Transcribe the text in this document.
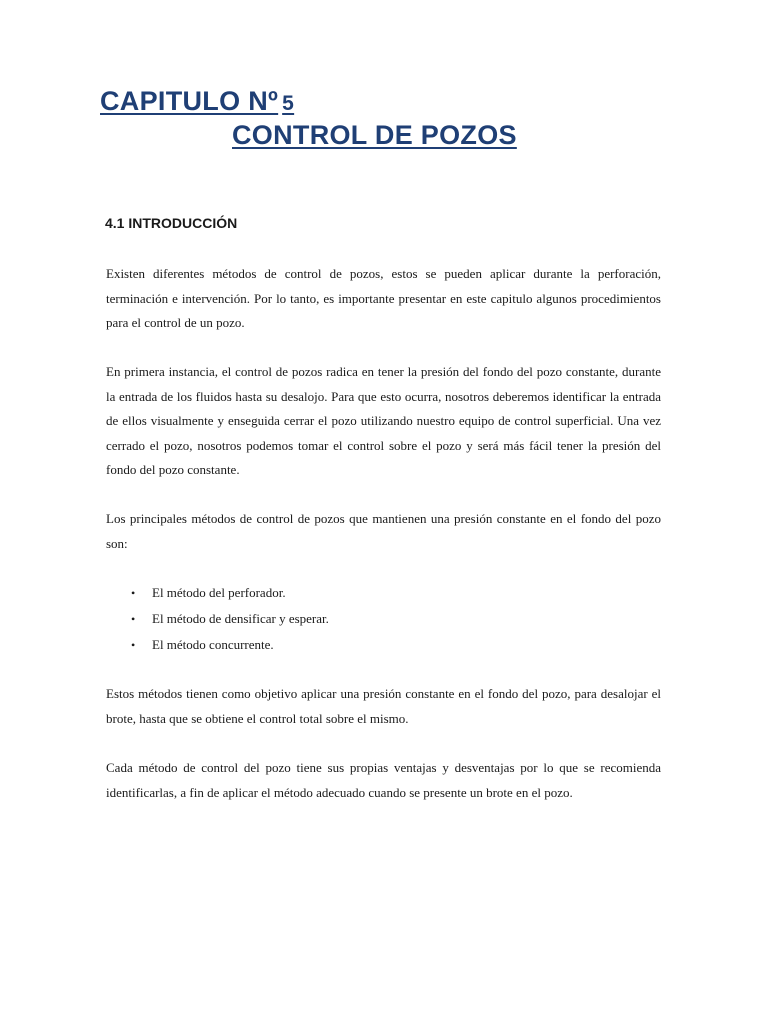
CAPITULO Nº 5
CONTROL DE POZOS
4.1 INTRODUCCIÓN

Existen diferentes métodos de control de pozos, estos se pueden aplicar durante la perforación, terminación e intervención. Por lo tanto, es importante presentar en este capitulo algunos procedimientos para el control de un pozo.

En primera instancia, el control de pozos radica en tener la presión del fondo del pozo constante, durante la entrada de los fluidos hasta su desalojo. Para que esto ocurra, nosotros deberemos identificar la entrada de ellos visualmente y enseguida cerrar el pozo utilizando nuestro equipo de control superficial. Una vez cerrado el pozo, nosotros podemos tomar el control sobre el pozo y será más fácil tener la presión del fondo del pozo constante.

Los principales métodos de control de pozos que mantienen una presión constante en el fondo del pozo son:

• El método del perforador.
• El método de densificar y esperar.
• El método concurrente.

Estos métodos tienen como objetivo aplicar una presión constante en el fondo del pozo, para desalojar el brote, hasta que se obtiene el control total sobre el mismo.

Cada método de control del pozo tiene sus propias ventajas y desventajas por lo que se recomienda identificarlas, a fin de aplicar el método adecuado cuando se presente un brote en el pozo.
